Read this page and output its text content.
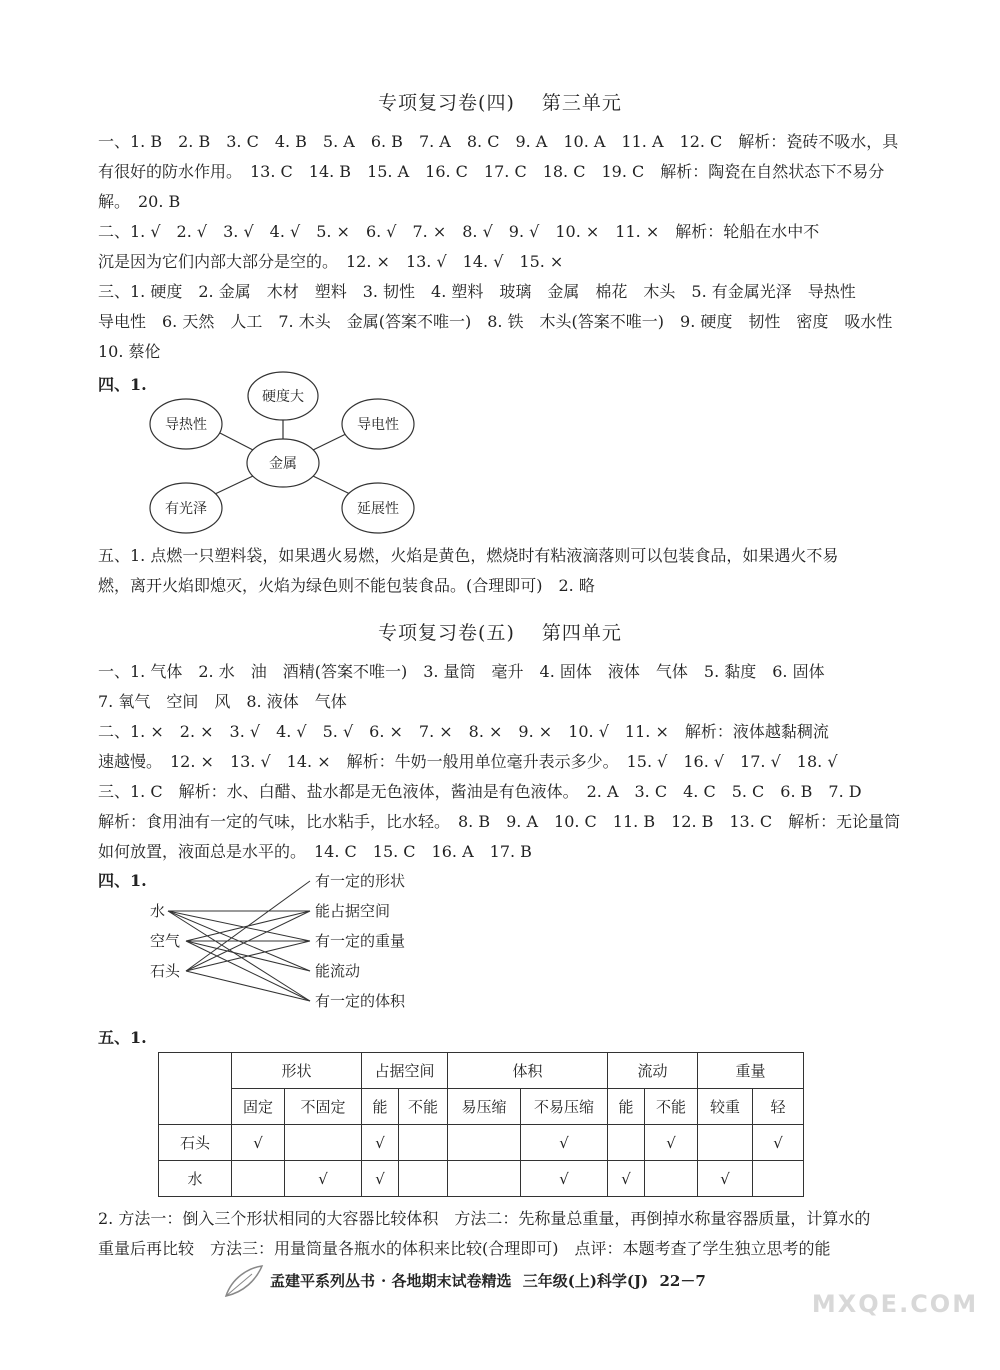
专项复习卷(四) 第三单元
一、1. B　2. B　3. C　4. B　5. A　6. B　7. A　8. C　9. A　10. A　11. A　12. C　解析：瓷砖不吸水，具
有很好的防水作用。　13. C　14. B　15. A　16. C　17. C　18. C　19. C　解析：陶瓷在自然状态下不易分
解。　20. B
二、1. √　2. √　3. √　4. √　5. ×　6. √　7. ×　8. √　9. √　10. ×　11. ×　解析：轮船在水中不
沉是因为它们内部大部分是空的。　12. ×　13. √　14. √　15. ×
三、1. 硬度　2. 金属　木材　塑料　3. 韧性　4. 塑料　玻璃　金属　棉花　木头　5. 有金属光泽　导热性
导电性　6. 天然　人工　7. 木头　金属(答案不唯一)　8. 铁　木头(答案不唯一)　9. 硬度　韧性　密度　吸水性
10. 蔡伦
四、1.
金属
硬度大
导热性	导电性
有光泽	延展性
五、1. 点燃一只塑料袋，如果遇火易燃，火焰是黄色，燃烧时有粘液滴落则可以包装食品，如果遇火不易
燃，离开火焰即熄灭，火焰为绿色则不能包装食品。(合理即可)　2. 略
专项复习卷(五) 第四单元
一、1. 气体　2. 水　油　酒精(答案不唯一)　3. 量筒　毫升　4. 固体　液体　气体　5. 黏度　6. 固体
7. 氧气　空间　风　8. 液体　气体
二、1. ×　2. ×　3. √　4. √　5. √　6. ×　7. ×　8. ×　9. ×　10. √　11. ×　解析：液体越黏稠流
速越慢。　12. ×　13. √　14. ×　解析：牛奶一般用单位毫升表示多少。　15. √　16. √　17. √　18. √
三、1. C　解析：水、白醋、盐水都是无色液体，酱油是有色液体。　2. A　3. C　4. C　5. C　6. B　7. D
解析：食用油有一定的气味，比水粘手，比水轻。　8. B　9. A　10. C　11. B　12. B　13. C　解析：无论量筒
如何放置，液面总是水平的。　14. C　15. C　16. A　17. B
四、1.
水
空气
石头
有一定的形状
能占据空间
有一定的重量
能流动
有一定的体积
五、1.
	形状		占据空间		体积		流动		重量	
	固定	不固定	能	不能	易压缩	不易压缩	能	不能	较重	轻
石头	√		√			√		√		√
水		√	√			√	√		√	
2. 方法一：倒入三个形状相同的大容器比较体积　方法二：先称量总重量，再倒掉水称量容器质量，计算水的
重量后再比较　方法三：用量筒量各瓶水的体积来比较(合理即可)　点评：本题考查了学生独立思考的能
孟建平系列丛书 · 各地期末试卷精选 三年级(上)科学(J) 22－7
MXQE.COM
